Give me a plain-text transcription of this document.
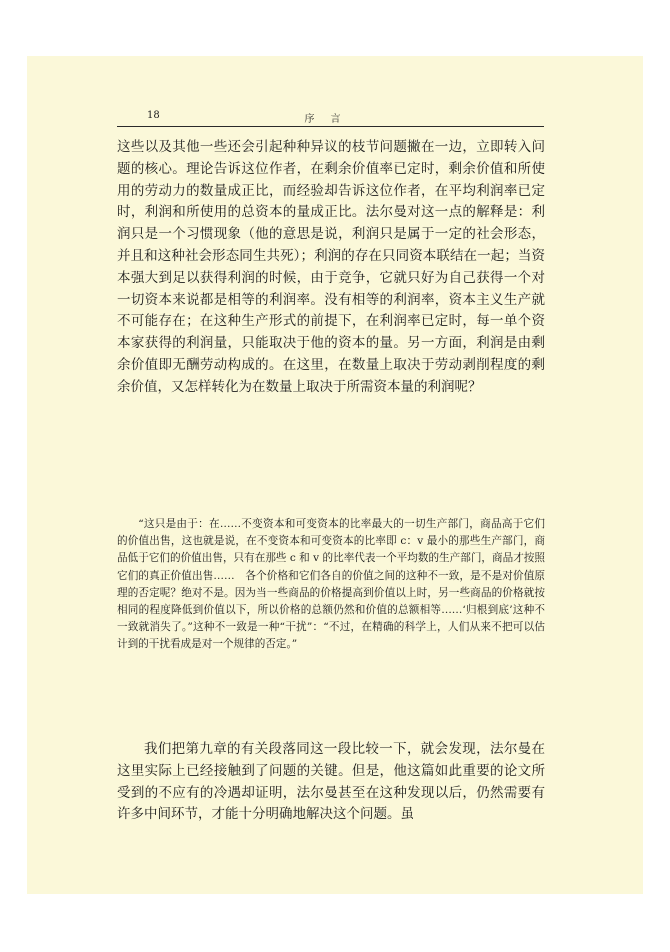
18	序言

这些以及其他一些还会引起种种异议的枝节问题撇在一边，立即转入问题的核心。理论告诉这位作者，在剩余价值率已定时，剩余价值和所使用的劳动力的数量成正比，而经验却告诉这位作者，在平均利润率已定时，利润和所使用的总资本的量成正比。法尔曼对这一点的解释是：利润只是一个习惯现象（他的意思是说，利润只是属于一定的社会形态，并且和这种社会形态同生共死）；利润的存在只同资本联结在一起；当资本强大到足以获得利润的时候，由于竞争，它就只好为自己获得一个对一切资本来说都是相等的利润率。没有相等的利润率，资本主义生产就不可能存在；在这种生产形式的前提下，在利润率已定时，每一单个资本家获得的利润量，只能取决于他的资本的量。另一方面，利润是由剩余价值即无酬劳动构成的。在这里，在数量上取决于劳动剥削程度的剩余价值，又怎样转化为在数量上取决于所需资本量的利润呢？

“这只是由于：在……不变资本和可变资本的比率最大的一切生产部门，商品高于它们的价值出售，这也就是说，在不变资本和可变资本的比率即 c：v 最小的那些生产部门，商品低于它们的价值出售，只有在那些 c 和 v 的比率代表一个平均数的生产部门，商品才按照它们的真正价值出售……　各个价格和它们各自的价值之间的这种不一致，是不是对价值原理的否定呢？绝对不是。因为当一些商品的价格提高到价值以上时，另一些商品的价格就按相同的程度降低到价值以下，所以价格的总额仍然和价值的总额相等……‘归根到底’这种不一致就消失了。”这种不一致是一种“干扰”：“不过，在精确的科学上，人们从来不把可以估计到的干扰看成是对一个规律的否定。”

我们把第九章的有关段落同这一段比较一下，就会发现，法尔曼在这里实际上已经接触到了问题的关键。但是，他这篇如此重要的论文所受到的不应有的冷遇却证明，法尔曼甚至在这种发现以后，仍然需要有许多中间环节，才能十分明确地解决这个问题。虽
